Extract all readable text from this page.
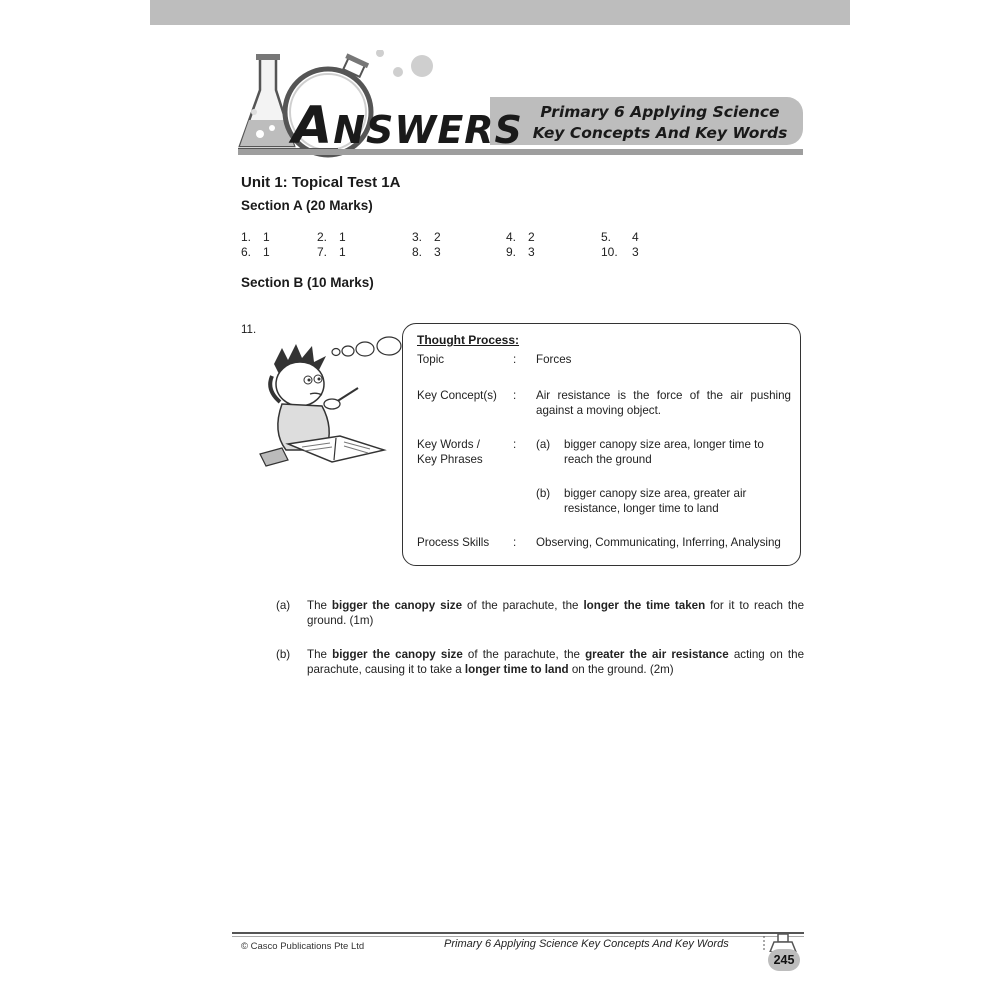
ANSWERS	Primary 6 Applying Science
Key Concepts And Key Words
Unit 1: Topical Test 1A
Section A (20 Marks)
1. 1	2. 1	3. 2	4. 2	5. 4
6. 1	7. 1	8. 3	9. 3	10. 3
Section B (10 Marks)
11.
Thought Process:
Topic	:	Forces
Key Concept(s)	:	Air resistance is the force of the air pushing against a moving object.
Key Words /
Key Phrases
:	(a)	bigger canopy size area, longer time to reach the ground
(b)	bigger canopy size area, greater air resistance, longer time to land
Process Skills	:	Observing, Communicating, Inferring, Analysing
(a)	The bigger the canopy size of the parachute, the longer the time taken for it to reach the ground. (1m)
(b)	The bigger the canopy size of the parachute, the greater the air resistance acting on the parachute, causing it to take a longer time to land on the ground. (2m)
© Casco Publications Pte Ltd	Primary 6 Applying Science Key Concepts And Key Words
245
